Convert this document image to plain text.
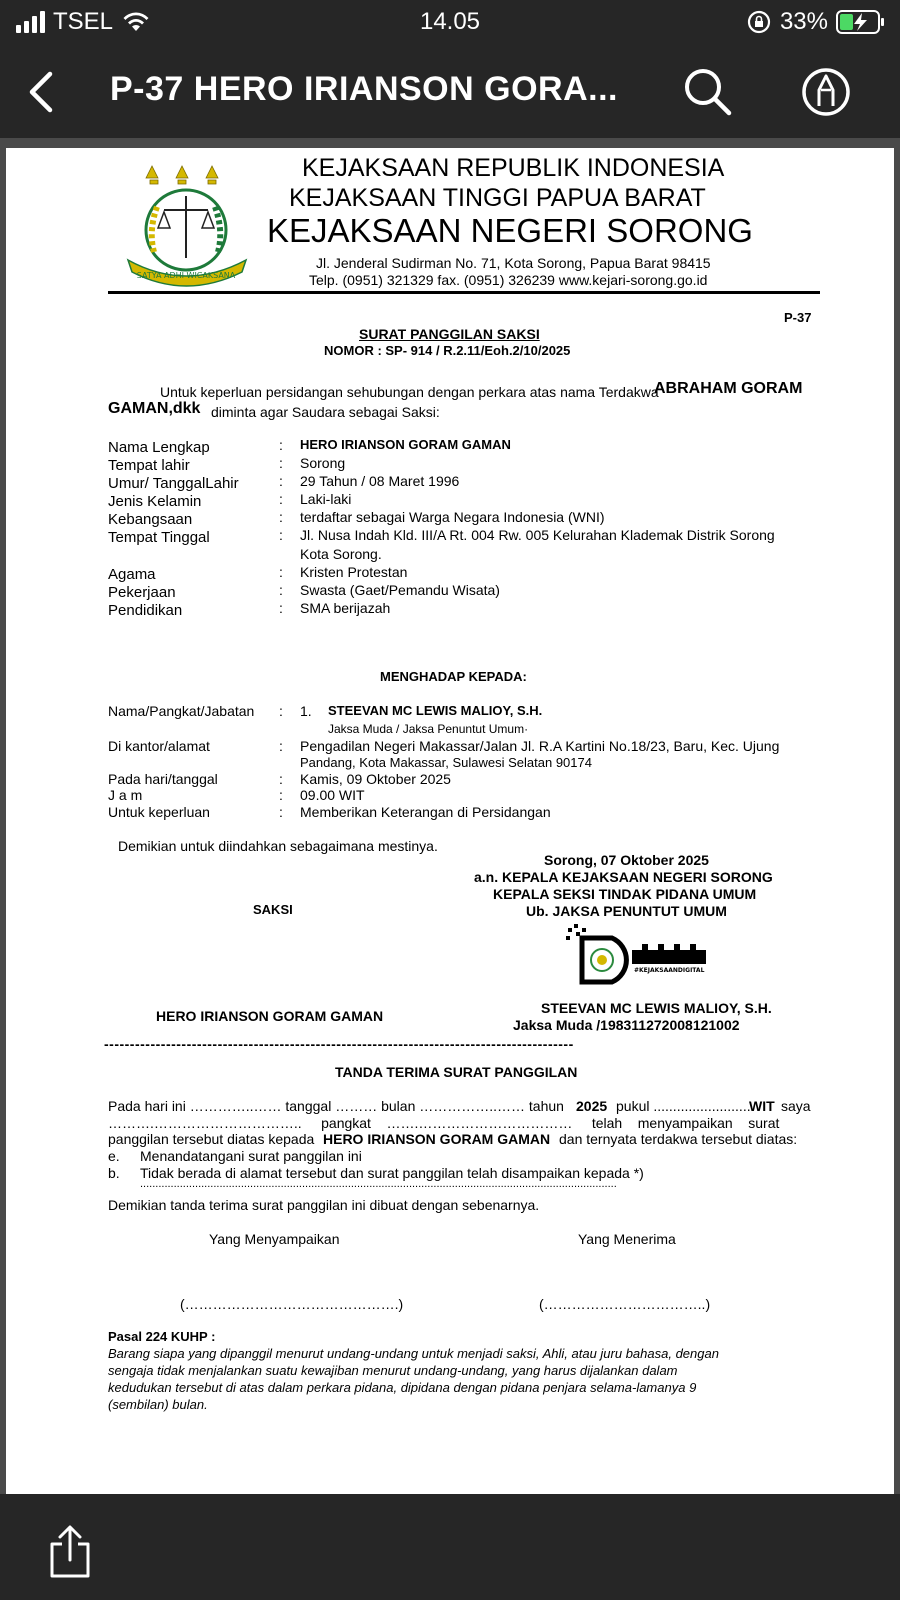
TSEL	14.05	33%
P-37 HERO IRIANSON GORA...
SATYA ADHI WICAKSANA
KEJAKSAAN REPUBLIK INDONESIA
KEJAKSAAN TINGGI PAPUA BARAT
KEJAKSAAN NEGERI SORONG
Jl. Jenderal Sudirman No. 71, Kota Sorong, Papua Barat 98415
Telp. (0951) 321329 fax. (0951) 326239 www.kejari-sorong.go.id
P-37
SURAT PANGGILAN SAKSI
NOMOR : SP- 914 / R.2.11/Eoh.2/10/2025
Untuk keperluan persidangan sehubungan dengan perkara atas nama Terdakwa
ABRAHAM GORAM
GAMAN,dkk diminta agar Saudara sebagai Saksi:
Nama Lengkap	: HERO IRIANSON GORAM GAMAN
Tempat lahir	: Sorong
Umur/ TanggalLahir	: 29 Tahun / 08 Maret 1996
Jenis Kelamin	: Laki-laki
Kebangsaan	: terdaftar sebagai Warga Negara Indonesia (WNI)
Tempat Tinggal	: Jl. Nusa Indah Kld. III/A Rt. 004 Rw. 005 Kelurahan Klademak Distrik Sorong
Kota Sorong.
Agama	: Kristen Protestan
Pekerjaan	: Swasta (Gaet/Pemandu Wisata)
Pendidikan	: SMA berijazah
MENGHADAP KEPADA:
Nama/Pangkat/Jabatan : 1. STEEVAN MC LEWIS MALIOY, S.H.
Jaksa Muda / Jaksa Penuntut Umum·
Di kantor/alamat	: Pengadilan Negeri Makassar/Jalan Jl. R.A Kartini No.18/23, Baru, Kec. Ujung
Pandang, Kota Makassar, Sulawesi Selatan 90174
Pada hari/tanggal	: Kamis, 09 Oktober 2025
J a m	: 09.00 WIT
Untuk keperluan	: Memberikan Keterangan di Persidangan
Demikian untuk diindahkan sebagaimana mestinya.
Sorong, 07 Oktober 2025
a.n. KEPALA KEJAKSAAN NEGERI SORONG
KEPALA SEKSI TINDAK PIDANA UMUM
Ub. JAKSA PENUNTUT UMUM
SAKSI
#KEJAKSAANDIGITAL
HERO IRIANSON GORAM GAMAN	STEEVAN MC LEWIS MALIOY, S.H.
Jaksa Muda /198311272008121002
-------------------------------------------------------------------------------------------
TANDA TERIMA SURAT PANGGILAN
Pada hari ini …………..…… tanggal ……… bulan ……………..…… tahun 2025 pukul .........................
WIT saya
……….…………………………..     pangkat    …….……………………………     telah    menyampaikan    surat
panggilan tersebut diatas kepada HERO IRIANSON GORAM GAMAN dan ternyata terdakwa tersebut diatas:
e. Menandatangani surat panggilan ini
b. Tidak berada di alamat tersebut dan surat panggilan telah disampaikan kepada *)
............................................................................................................................................................
Demikian tanda terima surat panggilan ini dibuat dengan sebenarnya.
Yang Menyampaikan	Yang Menerima
(……………………………………….)	(……………………………..)
Pasal 224 KUHP :
Barang siapa yang dipanggil menurut undang-undang untuk menjadi saksi, Ahli, atau juru bahasa, dengan
sengaja tidak menjalankan suatu kewajiban menurut undang-undang, yang harus dijalankan dalam
kedudukan tersebut di atas dalam perkara pidana, dipidana dengan pidana penjara selama-lamanya 9
(sembilan) bulan.
